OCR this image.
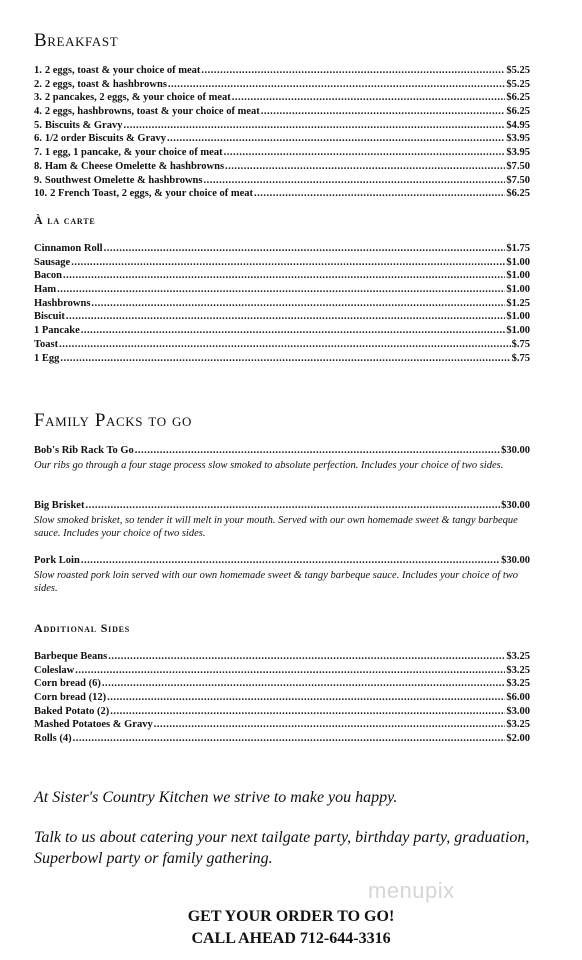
Breakfast
1. 2 eggs, toast & your choice of meat .....	$5.25
2. 2 eggs, toast & hashbrowns .....	$5.25
3. 2 pancakes, 2 eggs, & your choice of meat .....	$6.25
4. 2 eggs, hashbrowns, toast & your choice of meat .....	$6.25
5. Biscuits & Gravy .....	$4.95
6. 1/2 order Biscuits & Gravy .....	$3.95
7. 1 egg, 1 pancake, & your choice of meat .....	$3.95
8. Ham & Cheese Omelette & hashbrowns .....	$7.50
9. Southwest Omelette & hashbrowns .....	$7.50
10. 2 French Toast, 2 eggs, & your choice of meat .....	$6.25
À la carte
Cinnamon Roll .....	$1.75
Sausage .....	$1.00
Bacon .....	$1.00
Ham .....	$1.00
Hashbrowns .....	$1.25
Biscuit .....	$1.00
1 Pancake .....	$1.00
Toast .....	$.75
1 Egg .....	$.75
Family Packs to go
Bob's Rib Rack To Go .....	$30.00
Our ribs go through a four stage process slow smoked to absolute perfection. Includes your choice of two sides.
Big Brisket .....	$30.00
Slow smoked brisket, so tender it will melt in your mouth. Served with our own homemade sweet & tangy barbeque sauce. Includes your choice of two sides.
Pork Loin .....	$30.00
Slow roasted pork loin served with our own homemade sweet & tangy barbeque sauce. Includes your choice of two sides.
Additional Sides
Barbeque Beans .....	$3.25
Coleslaw .....	$3.25
Corn bread (6) .....	$3.25
Corn bread (12) .....	$6.00
Baked Potato (2) .....	$3.00
Mashed Potatoes & Gravy .....	$3.25
Rolls (4) .....	$2.00

At Sister's Country Kitchen we strive to make you happy.

Talk to us about catering your next tailgate party, birthday party, graduation, Superbowl party or family gathering.

menupix
GET YOUR ORDER TO GO!
CALL AHEAD 712-644-3316
